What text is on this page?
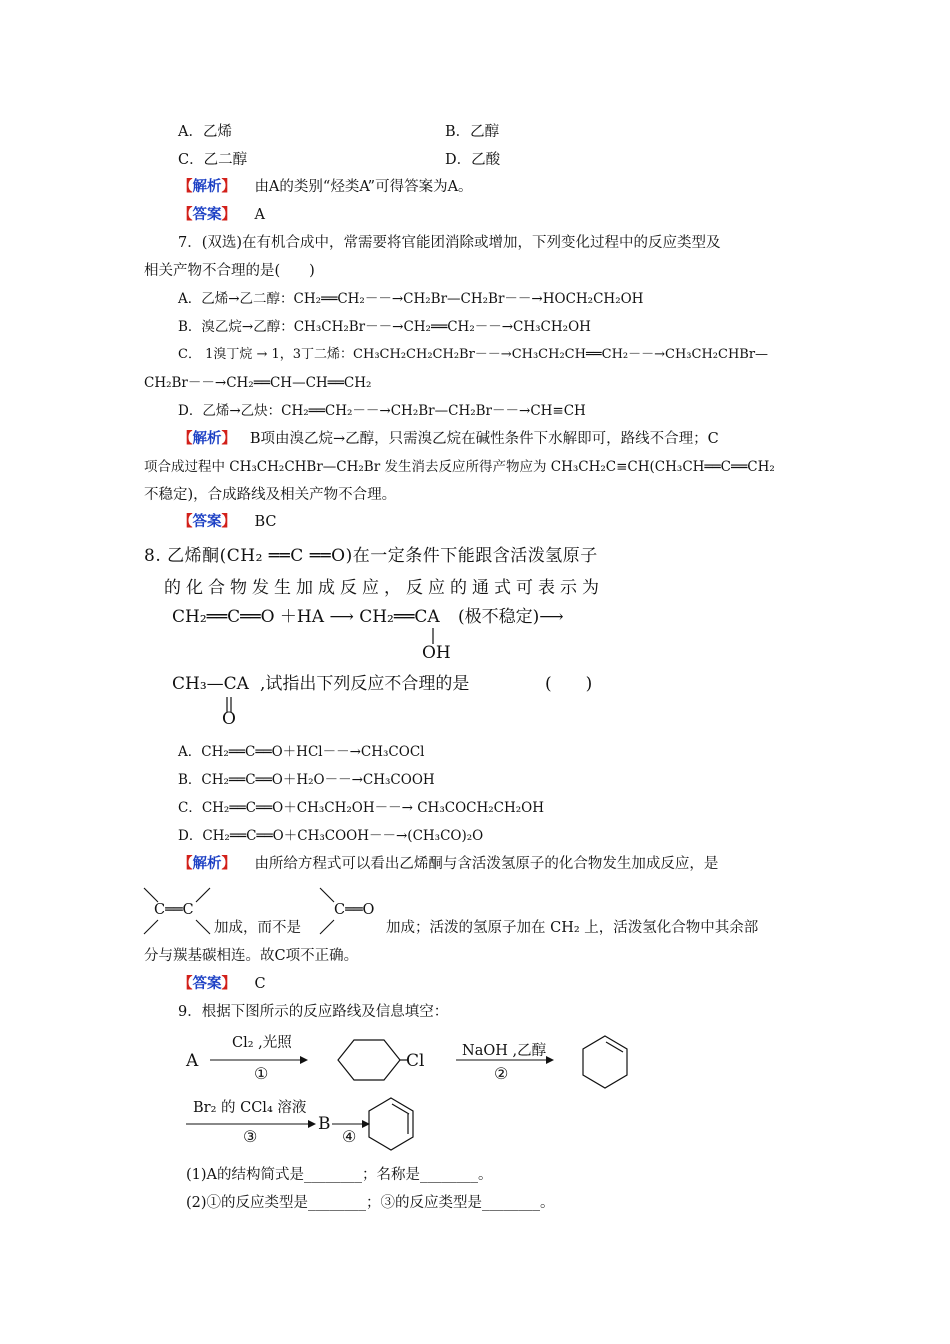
A．乙烯	B．乙醇
C．乙二醇	D．乙酸
【解析】 由A的类别“烃类A”可得答案为A。
【答案】 A
7．(双选)在有机合成中，常需要将官能团消除或增加，下列变化过程中的反应类型及
相关产物不合理的是(　　)
A．乙烯→乙二醇：CH₂══CH₂－－→CH₂Br—CH₂Br－－→HOCH₂CH₂OH
B．溴乙烷→乙醇：CH₃CH₂Br－－→CH₂══CH₂－－→CH₃CH₂OH
C． 1溴丁烷 → 1，3丁二烯：CH₃CH₂CH₂CH₂Br－－→CH₃CH₂CH══CH₂－－→CH₃CH₂CHBr—
CH₂Br－－→CH₂══CH—CH══CH₂
D．乙烯→乙炔：CH₂══CH₂－－→CH₂Br—CH₂Br－－→CH≡CH
【解析】 B项由溴乙烷→乙醇，只需溴乙烷在碱性条件下水解即可，路线不合理；C
项合成过程中 CH₃CH₂CHBr—CH₂Br 发生消去反应所得产物应为 CH₃CH₂C≡CH(CH₃CH══C══CH₂
不稳定)，合成路线及相关产物不合理。
【答案】 BC
8. 乙烯酮(CH₂ ══C ══O)在一定条件下能跟含活泼氢原子
的化合物发生加成反应，反应的通式可表示为
CH₂══C══O ＋HA ⟶ CH₂══CA (极不稳定)⟶
OH
CH₃—CA ,试指出下列反应不合理的是	(　　)
O
A．CH₂══C══O＋HCl－－→CH₃COCl
B．CH₂══C══O＋H₂O－－→CH₃COOH
C．CH₂══C══O＋CH₃CH₂OH－－→ CH₃COCH₂CH₂OH
D．CH₂══C══O＋CH₃COOH－－→(CH₃CO)₂O
【解析】 由所给方程式可以看出乙烯酮与含活泼氢原子的化合物发生加成反应，是
C══C
加成，而不是
C══O
加成；活泼的氢原子加在 CH₂ 上，活泼氢化合物中其余部
分与羰基碳相连。故C项不正确。
【答案】 C
9．根据下图所示的反应路线及信息填空：
A
Cl₂ ,光照
①
Cl	NaOH ,乙醇
②
Br₂ 的 CCl₄ 溶液
③
B
④
(1)A的结构简式是________；名称是________。
(2)①的反应类型是________；③的反应类型是________。
